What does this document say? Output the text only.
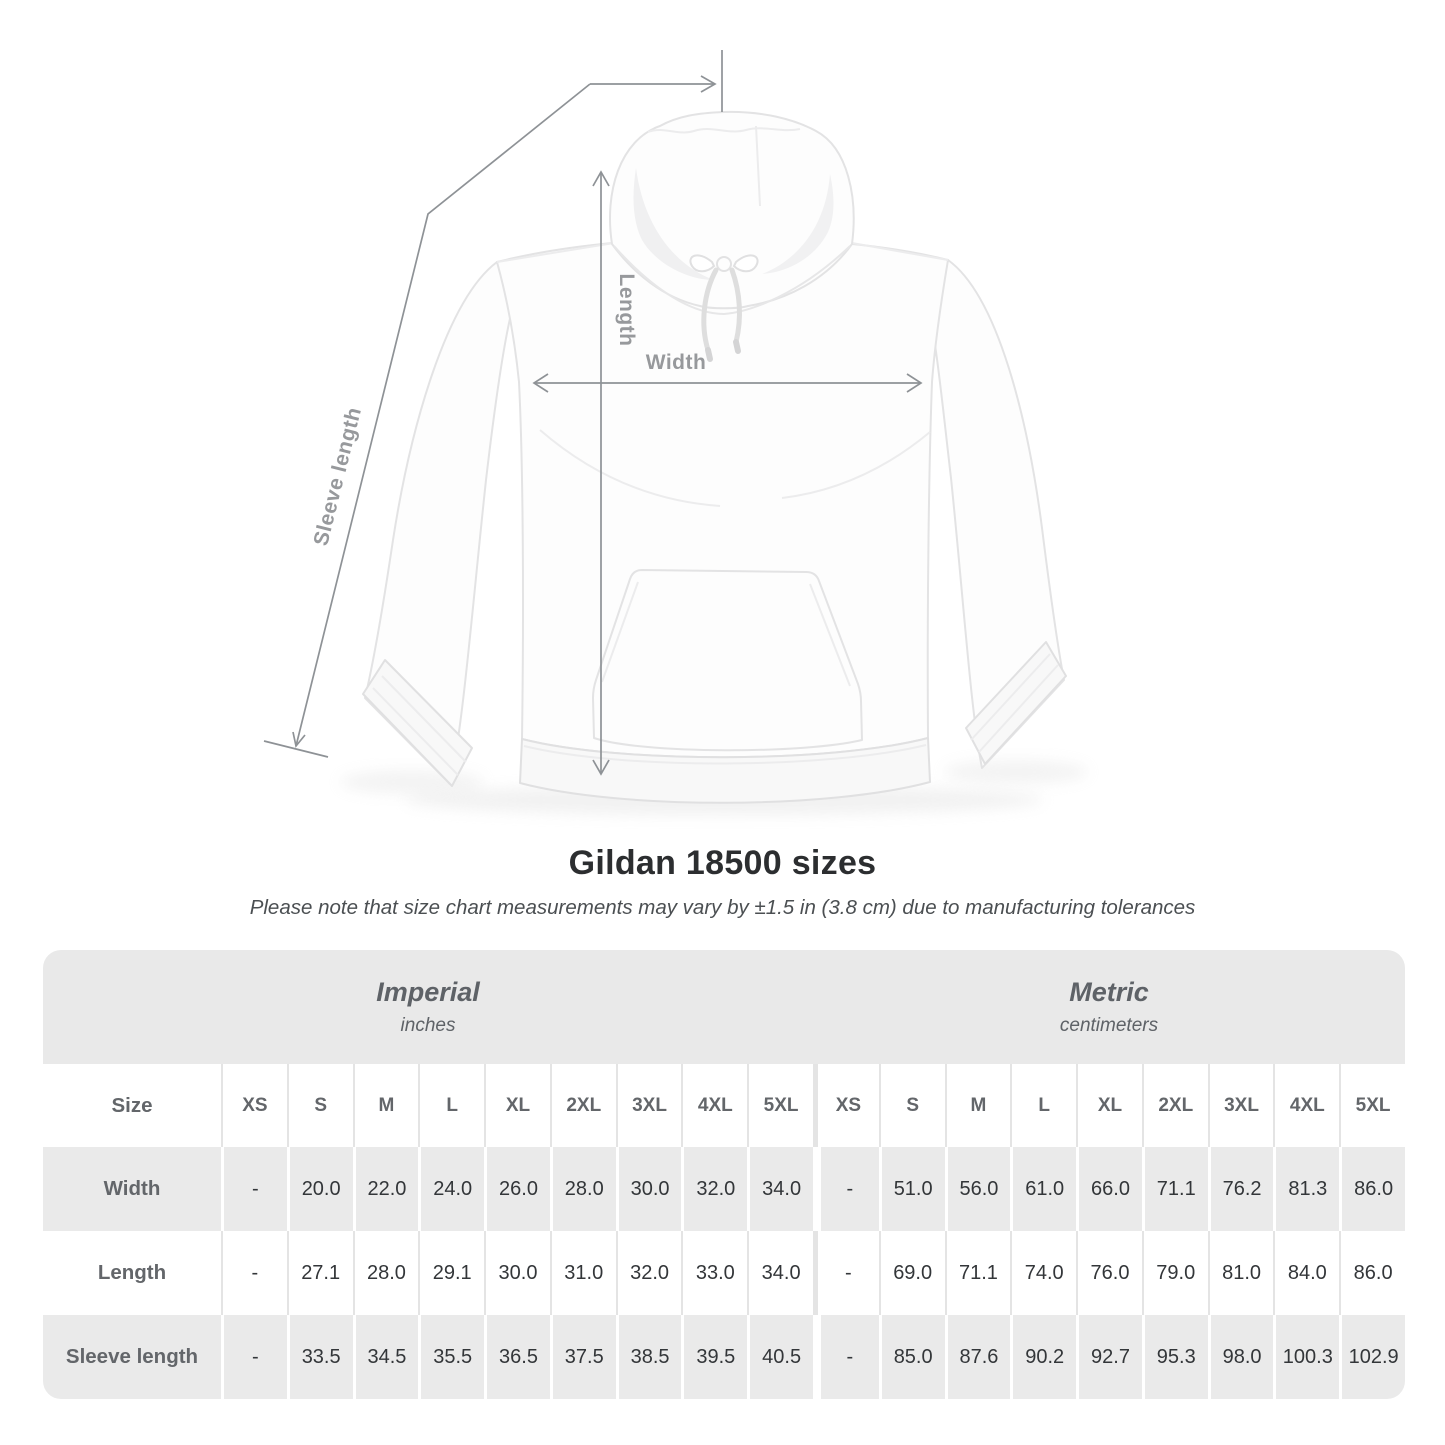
Width
Length
Sleeve length
Gildan 18500 sizes
Please note that size chart measurements may vary by ±1.5 in (3.8 cm) due to manufacturing tolerances
Imperial
inches
Metric
centimeters
Size	XS	S	M	L	XL	2XL	3XL	4XL	5XL	XS	S	M	L	XL	2XL	3XL	4XL	5XL
Width	-	20.0	22.0	24.0	26.0	28.0	30.0	32.0	34.0	-	51.0	56.0	61.0	66.0	71.1	76.2	81.3	86.0
Length	-	27.1	28.0	29.1	30.0	31.0	32.0	33.0	34.0	-	69.0	71.1	74.0	76.0	79.0	81.0	84.0	86.0
Sleeve length	-	33.5	34.5	35.5	36.5	37.5	38.5	39.5	40.5	-	85.0	87.6	90.2	92.7	95.3	98.0	100.3 102.9
